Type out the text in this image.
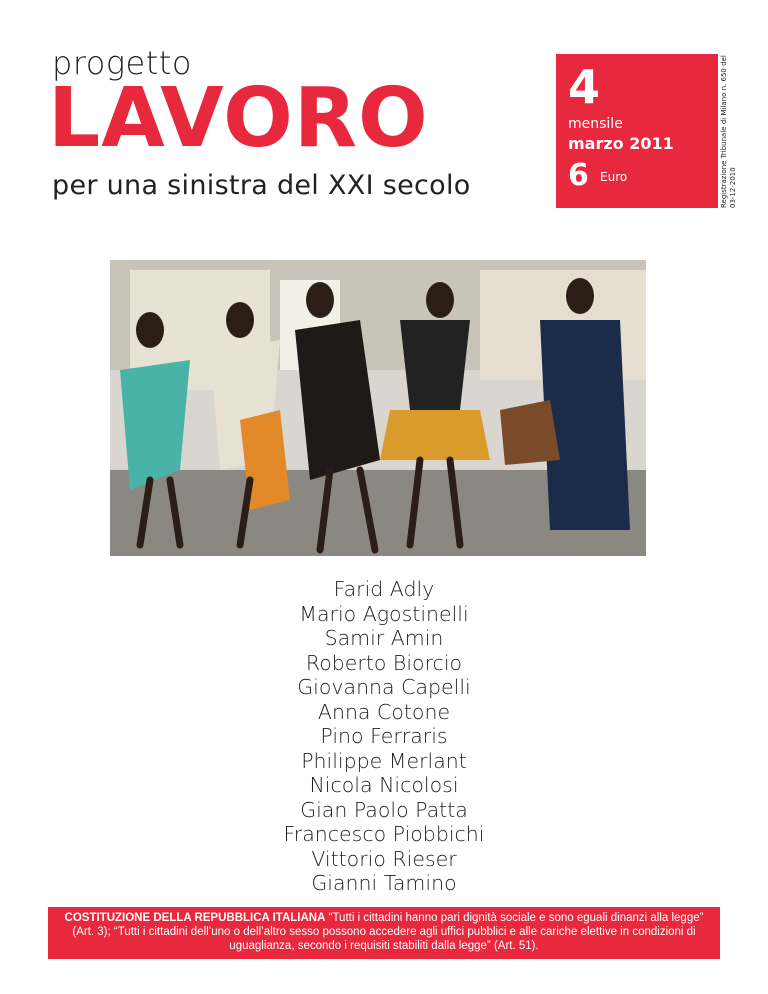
progetto
LAVORO
per una sinistra del XXI secolo
4
mensile
marzo 2011
6 Euro	Registrazione Tribunale di Milano n. 650 del 03-12-2010
Farid Adly
Mario Agostinelli
Samir Amin
Roberto Biorcio
Giovanna Capelli
Anna Cotone
Pino Ferraris
Philippe Merlant
Nicola Nicolosi
Gian Paolo Patta
Francesco Piobbichi
Vittorio Rieser
Gianni Tamino
COSTITUZIONE DELLA REPUBBLICA ITALIANA “Tutti i cittadini hanno pari dignità sociale e sono eguali dinanzi alla legge” (Art. 3); “Tutti i cittadini dell’uno o dell’altro sesso possono accedere agli uffici pubblici e alle cariche elettive in condizioni di uguaglianza, secondo i requisiti stabiliti dalla legge” (Art. 51).
